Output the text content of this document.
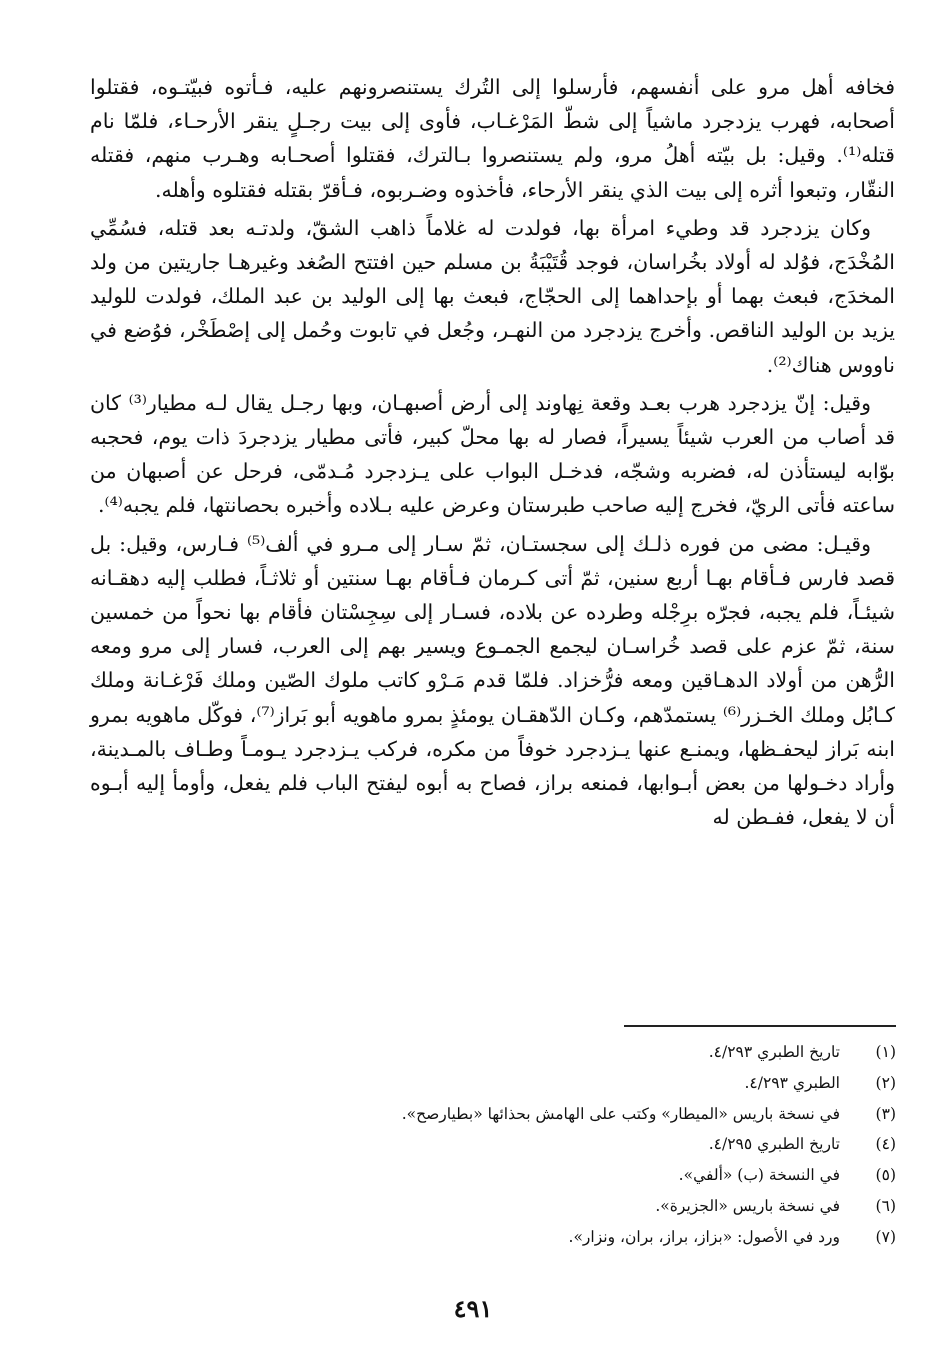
فخافه أهل مرو على أنفسهم، فأرسلوا إلى التُرك يستنصرونهم عليه، فـأتوه فبيّتـوه، فقتلوا أصحابه، فهرب يزدجرد ماشياً إلى شطّ المَرْغـاب، فأوى إلى بيت رجـلٍ ينقر الأرحـاء، فلمّا نام قتله⁽¹⁾. وقيل: بل بيّته أهلُ مرو، ولم يستنصروا بـالترك، فقتلوا أصحـابه وهـرب منهم، فقتله النقّار، وتبعوا أثره إلى بيت الذي ينقر الأرحاء، فأخذوه وضـربوه، فـأقرّ بقتله فقتلوه وأهله.

وكان يزدجرد قد وطيء امرأة بها، فولدت له غلاماً ذاهب الشقّ، ولدتـه بعد قتله، فسُمِّي المُخْدَج، فوُلد له أولاد بخُراسان، فوجد قُتَيْبَةُ بن مسلم حين افتتح الصُغد وغيرهـا جاريتين من ولد المخدَج، فبعث بهما أو بإحداهما إلى الحجّاج، فبعث بها إلى الوليد بن عبد الملك، فولدت للوليد يزيد بن الوليد الناقص. وأخرج يزدجرد من النهـر، وجُعل في تابوت وحُمل إلى إصْطَخْر، فوُضع في ناووس هناك⁽²⁾.

وقيل: إنّ يزدجرد هرب بعـد وقعة نِهاوند إلى أرض أصبهـان، وبها رجـل يقال لـه مطيار⁽³⁾ كان قد أصاب من العرب شيئاً يسيراً، فصار له بها محلّ كبير، فأتى مطيار يزدجردَ ذات يوم، فحجبه بوّابه ليستأذن له، فضربه وشجّه، فدخـل البواب على يـزدجرد مُـدمّى، فرحل عن أصبهان من ساعته فأتى الريّ، فخرج إليه صاحب طبرستان وعرض عليه بـلاده وأخبره بحصانتها، فلم يجبه⁽⁴⁾.

وقيـل: مضى من فوره ذلـك إلى سجستـان، ثمّ سـار إلى مـرو في ألف⁽⁵⁾ فـارس، وقيل: بل قصد فارس فـأقام بهـا أربع سنين، ثمّ أتى كـرمان فـأقام بهـا سنتين أو ثلاثـاً، فطلب إليه دهقـانه شيئـاً، فلم يجبه، فجرّه برِجْله وطرده عن بلاده، فسـار إلى سِجِسْتان فأقام بها نحواً من خمسين سنة، ثمّ عزم على قصد خُراسـان ليجمع الجمـوع ويسير بهم إلى العرب، فسار إلى مرو ومعه الرُّهن من أولاد الدهـاقين ومعه فرُّخزاد. فلمّا قدم مَـرْو كاتب ملوك الصّين وملك فَرْغـانة وملك كـابُل وملك الخـزر⁽⁶⁾ يستمدّهم، وكـان الدّهقـان يومئذٍ بمرو ماهويه أبو بَراز⁽⁷⁾، فوكّل ماهويه بمرو ابنه بَراز ليحفـظها، ويمنـع عنها يـزدجرد خوفاً من مكره، فركب يـزدجرد يـومـاً وطـاف بالمـدينة، وأراد دخـولها من بعض أبـوابها، فمنعه براز، فصاح به أبوه ليفتح الباب فلم يفعل، وأومأ إليه أبـوه أن لا يفعل، ففـطن له

(١)
تاريخ الطبري ٤/٢٩٣.
(٢)
الطبري ٤/٢٩٣.
(٣)
في نسخة باريس «الميطار» وكتب على الهامش بحذائها «بطيارصح».
(٤)
تاريخ الطبري ٤/٢٩٥.
(٥)
في النسخة (ب) «ألفي».
(٦)
في نسخة باريس «الجزيرة».
(٧)
ورد في الأصول: «بزاز، براز، بران، ونزار».
٤٩١
